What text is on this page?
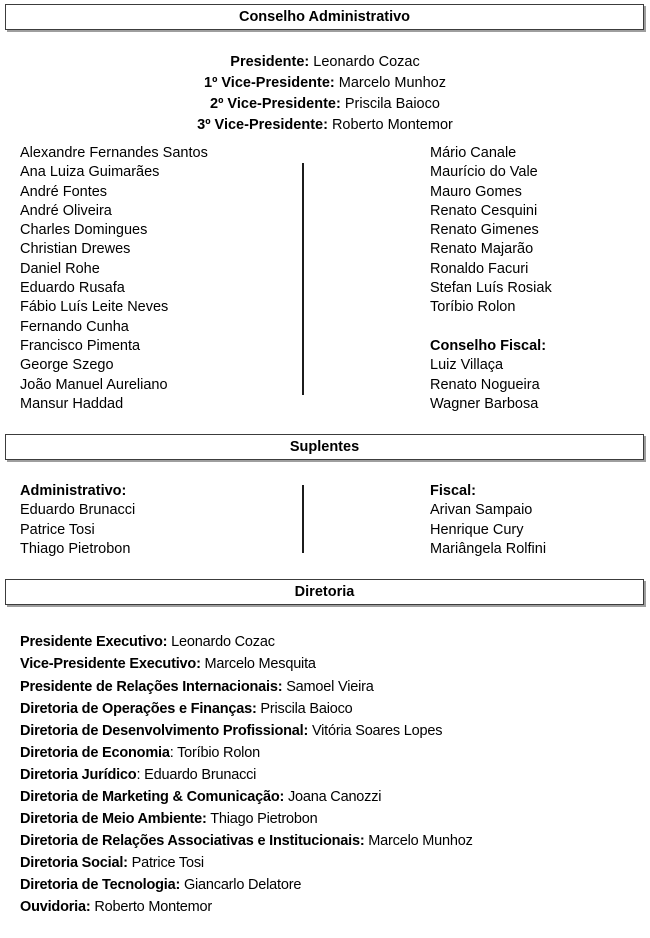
Conselho Administrativo
Presidente: Leonardo Cozac
1º Vice-Presidente: Marcelo Munhoz
2º Vice-Presidente: Priscila Baioco
3º Vice-Presidente: Roberto Montemor
Alexandre Fernandes Santos
Ana Luiza Guimarães
André Fontes
André Oliveira
Charles Domingues
Christian Drewes
Daniel Rohe
Eduardo Rusafa
Fábio Luís Leite Neves
Fernando Cunha
Francisco Pimenta
George Szego
João Manuel Aureliano
Mansur Haddad
Mário Canale
Maurício do Vale
Mauro Gomes
Renato Cesquini
Renato Gimenes
Renato Majarão
Ronaldo Facuri
Stefan Luís Rosiak
Toríbio Rolon
Conselho Fiscal:
Luiz Villaça
Renato Nogueira
Wagner Barbosa
Suplentes
Administrativo:
Eduardo Brunacci
Patrice Tosi
Thiago Pietrobon
Fiscal:
Arivan Sampaio
Henrique Cury
Mariângela Rolfini
Diretoria
Presidente Executivo: Leonardo Cozac
Vice-Presidente Executivo: Marcelo Mesquita
Presidente de Relações Internacionais: Samoel Vieira
Diretoria de Operações e Finanças: Priscila Baioco
Diretoria de Desenvolvimento Profissional: Vitória Soares Lopes
Diretoria de Economia: Toríbio Rolon
Diretoria Jurídico: Eduardo Brunacci
Diretoria de Marketing & Comunicação: Joana Canozzi
Diretoria de Meio Ambiente: Thiago Pietrobon
Diretoria de Relações Associativas e Institucionais: Marcelo Munhoz
Diretoria Social: Patrice Tosi
Diretoria de Tecnologia: Giancarlo Delatore
Ouvidoria: Roberto Montemor
